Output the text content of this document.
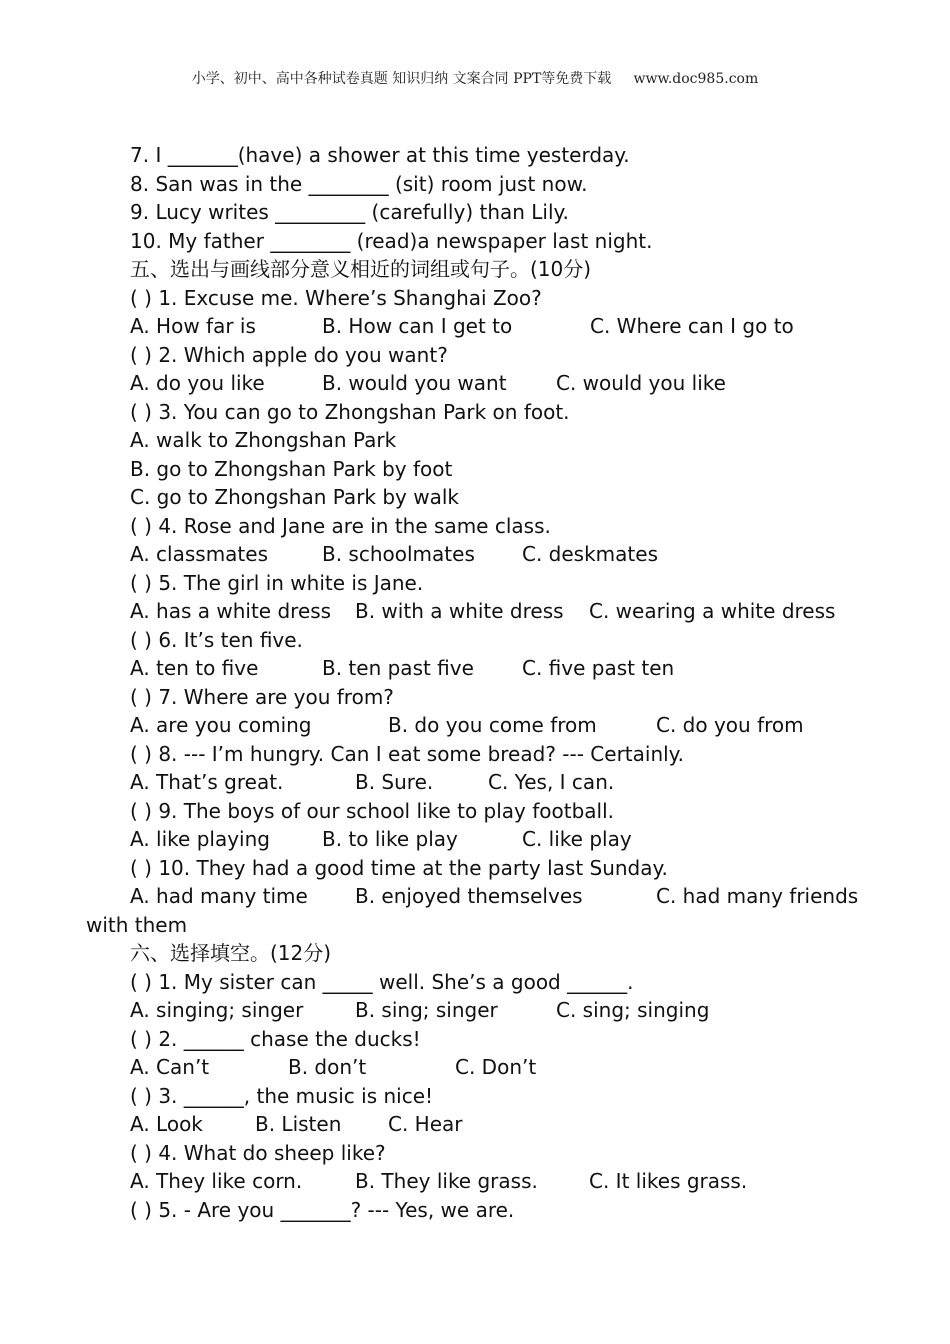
小学、初中、高中各种试卷真题 知识归纳 文案合同 PPT等免费下载 www.doc985.com
7. I _______(have) a shower at this time yesterday.
8. San was in the ________ (sit) room just now.
9. Lucy writes _________ (carefully) than Lily.
10. My father ________ (read)a newspaper last night.
五、选出与画线部分意义相近的词组或句子。(10分)
( ) 1. Excuse me. Where’s Shanghai Zoo?

A. How far is

	B. How can I get to

	C. Where can I go to

( ) 2. Which apple do you want?

A. do you like

	B. would you want

C. would you like

( ) 3. You can go to Zhongshan Park on foot.
A. walk to Zhongshan Park
B. go to Zhongshan Park by foot
C. go to Zhongshan Park by walk
( ) 4. Rose and Jane are in the same class.

A. classmates

	B. schoolmates

C. deskmates

( ) 5. The girl in white is Jane.

A. has a white dress

B. with a white dress

C. wearing a white dress

( ) 6. It’s ten five.

A. ten to five

	B. ten past five

C. five past ten

( ) 7. Where are you from?

A. are you coming

	B. do you come from

	C. do you from

( ) 8. --- I’m hungry. Can I eat some bread? --- Certainly.

A. That’s great.

	B. Sure.

	C. Yes, I can.

( ) 9. The boys of our school like to play football.

A. like playing

	B. to like play

	C. like play

( ) 10. They had a good time at the party last Sunday.

A. had many time

B. enjoyed themselves

	C. had many friends

with them
六、选择填空。(12分)
( ) 1. My sister can _____ well. She’s a good ______.

A. singing; singer

	B. sing; singer

	C. sing; singing

( ) 2. ______ chase the ducks!

A. Can’t

	B. don’t

	C. Don’t

( ) 3. ______, the music is nice!

A. Look

	B. Listen

C. Hear

( ) 4. What do sheep like?

A. They like corn.

	B. They like grass.

	C. It likes grass.

( ) 5. - Are you _______? --- Yes, we are.
